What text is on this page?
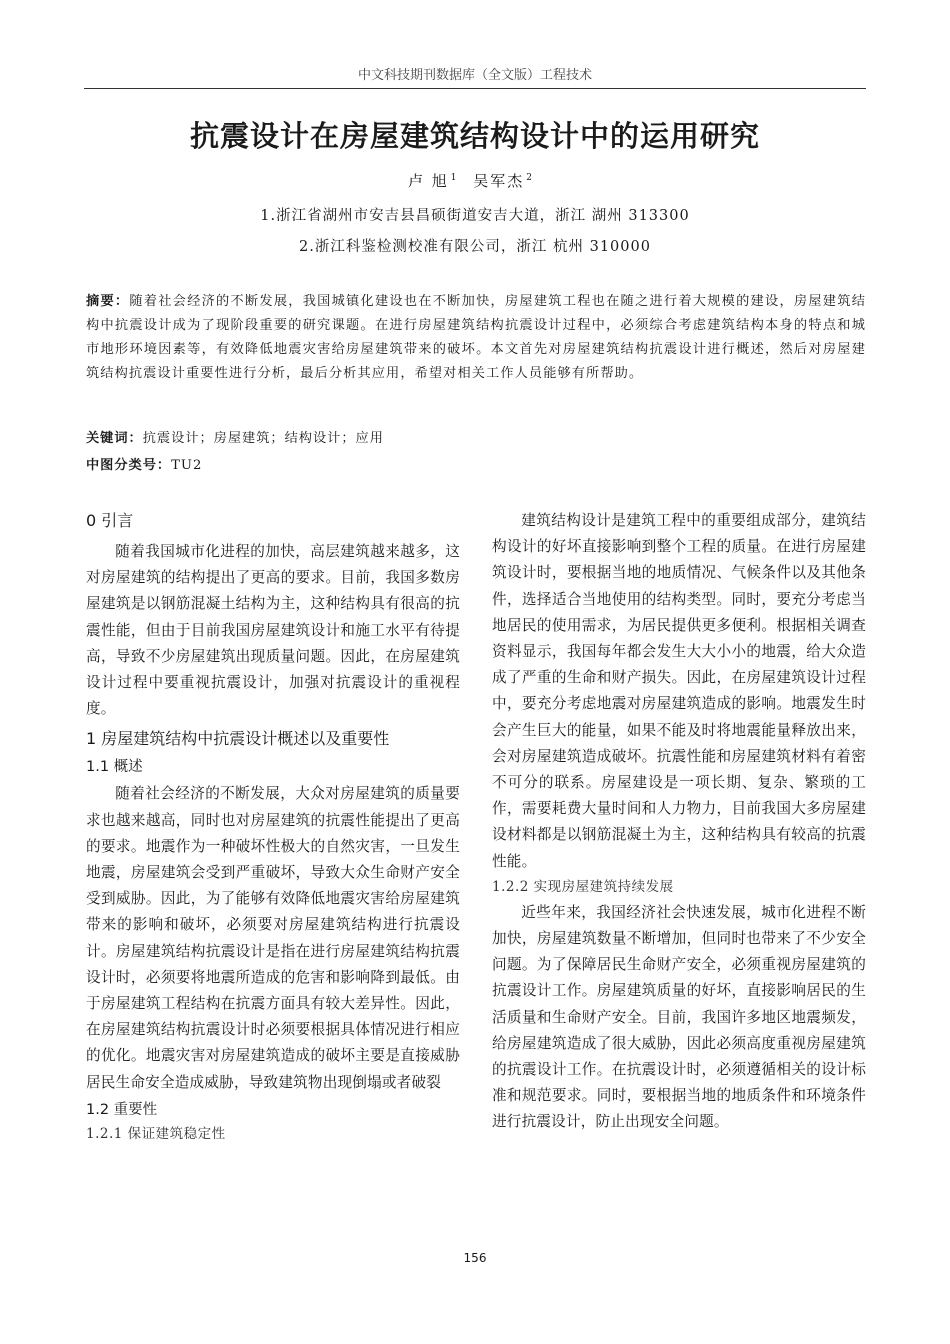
中文科技期刊数据库（全文版）工程技术
抗震设计在房屋建筑结构设计中的运用研究
卢 旭 $^1$ 吴军杰 $^2$
1.浙江省湖州市安吉县昌硕街道安吉大道，浙江 湖州 313300
2.浙江科鉴检测校准有限公司，浙江 杭州 310000
摘要：随着社会经济的不断发展，我国城镇化建设也在不断加快，房屋建筑工程也在随之进行着大规模的建设，房屋建筑结构中抗震设计成为了现阶段重要的研究课题。在进行房屋建筑结构抗震设计过程中，必须综合考虑建筑结构本身的特点和城市地形环境因素等，有效降低地震灾害给房屋建筑带来的破坏。本文首先对房屋建筑结构抗震设计进行概述，然后对房屋建筑结构抗震设计重要性进行分析，最后分析其应用，希望对相关工作人员能够有所帮助。
关键词：抗震设计；房屋建筑；结构设计；应用
中图分类号：TU2
0 引言

随着我国城市化进程的加快，高层建筑越来越多，这对房屋建筑的结构提出了更高的要求。目前，我国多数房屋建筑是以钢筋混凝土结构为主，这种结构具有很高的抗震性能，但由于目前我国房屋建筑设计和施工水平有待提高，导致不少房屋建筑出现质量问题。因此，在房屋建筑设计过程中要重视抗震设计，加强对抗震设计的重视程度。

1 房屋建筑结构中抗震设计概述以及重要性
1.1 概述

随着社会经济的不断发展，大众对房屋建筑的质量要求也越来越高，同时也对房屋建筑的抗震性能提出了更高的要求。地震作为一种破坏性极大的自然灾害，一旦发生地震，房屋建筑会受到严重破坏，导致大众生命财产安全受到威胁。因此，为了能够有效降低地震灾害给房屋建筑带来的影响和破坏，必须要对房屋建筑结构进行抗震设计。房屋建筑结构抗震设计是指在进行房屋建筑结构抗震设计时，必须要将地震所造成的危害和影响降到最低。由于房屋建筑工程结构在抗震方面具有较大差异性。因此，在房屋建筑结构抗震设计时必须要根据具体情况进行相应的优化。地震灾害对房屋建筑造成的破坏主要是直接威胁居民生命安全造成威胁，导致建筑物出现倒塌或者破裂

1.2 重要性
1.2.1 保证建筑稳定性

建筑结构设计是建筑工程中的重要组成部分，建筑结构设计的好坏直接影响到整个工程的质量。在进行房屋建筑设计时，要根据当地的地质情况、气候条件以及其他条件，选择适合当地使用的结构类型。同时，要充分考虑当地居民的使用需求，为居民提供更多便利。根据相关调查资料显示，我国每年都会发生大大小小的地震，给大众造成了严重的生命和财产损失。因此，在房屋建筑设计过程中，要充分考虑地震对房屋建筑造成的影响。地震发生时会产生巨大的能量，如果不能及时将地震能量释放出来，会对房屋建筑造成破坏。抗震性能和房屋建筑材料有着密不可分的联系。房屋建设是一项长期、复杂、繁琐的工作，需要耗费大量时间和人力物力，目前我国大多房屋建设材料都是以钢筋混凝土为主，这种结构具有较高的抗震性能。

1.2.2 实现房屋建筑持续发展

近些年来，我国经济社会快速发展，城市化进程不断加快，房屋建筑数量不断增加，但同时也带来了不少安全问题。为了保障居民生命财产安全，必须重视房屋建筑的抗震设计工作。房屋建筑质量的好坏，直接影响居民的生活质量和生命财产安全。目前，我国许多地区地震频发，给房屋建筑造成了很大威胁，因此必须高度重视房屋建筑的抗震设计工作。在抗震设计时，必须遵循相关的设计标准和规范要求。同时，要根据当地的地质条件和环境条件进行抗震设计，防止出现安全问题。

156
